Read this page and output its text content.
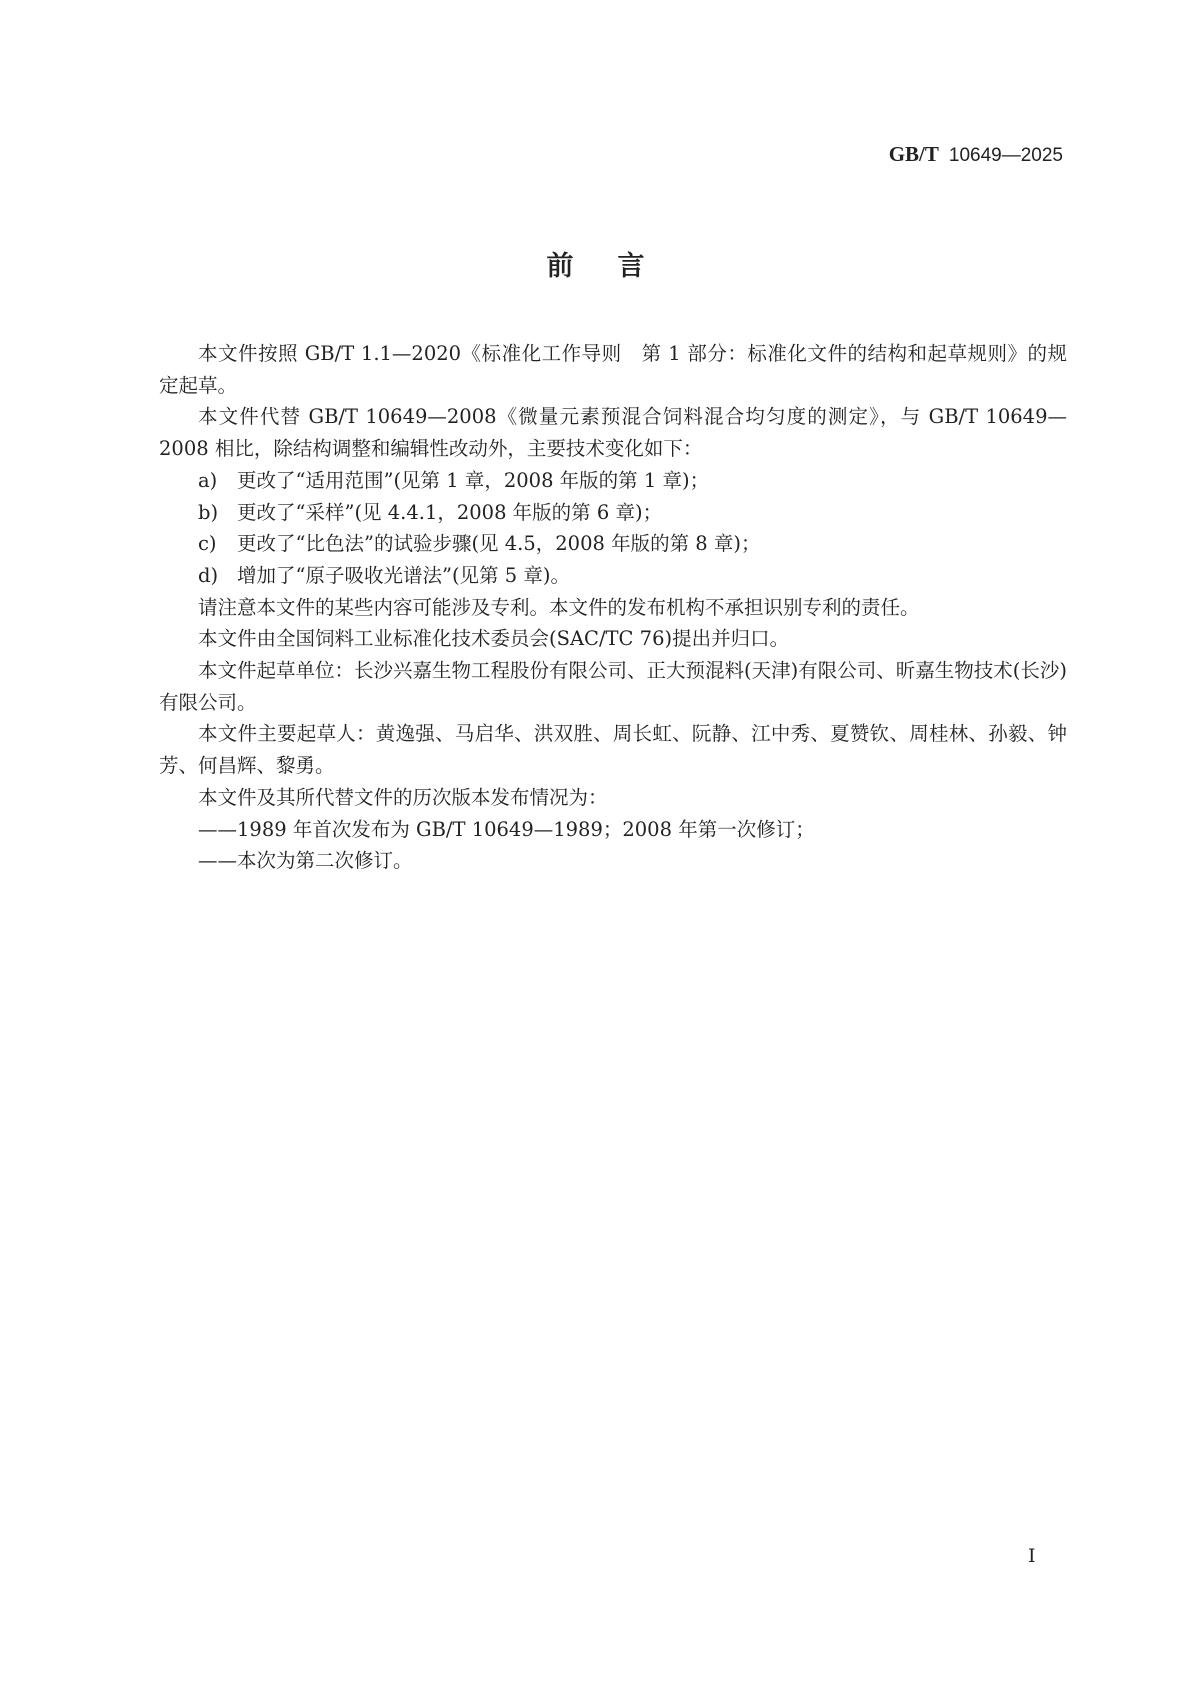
GB/T 10649—2025
前言

本文件按照 GB/T 1.1—2020《标准化工作导则　第 1 部分：标准化文件的结构和起草规则》的规定起草。

本文件代替 GB/T 10649—2008《微量元素预混合饲料混合均匀度的测定》，与 GB/T 10649—2008 相比，除结构调整和编辑性改动外，主要技术变化如下：

a) 更改了“适用范围”(见第 1 章，2008 年版的第 1 章)；

b) 更改了“采样”(见 4.4.1，2008 年版的第 6 章)；

c) 更改了“比色法”的试验步骤(见 4.5，2008 年版的第 8 章)；

d) 增加了“原子吸收光谱法”(见第 5 章)。

请注意本文件的某些内容可能涉及专利。本文件的发布机构不承担识别专利的责任。

本文件由全国饲料工业标准化技术委员会(SAC/TC 76)提出并归口。

本文件起草单位：长沙兴嘉生物工程股份有限公司、正大预混料(天津)有限公司、昕嘉生物技术(长沙)有限公司。

本文件主要起草人：黄逸强、马启华、洪双胜、周长虹、阮静、江中秀、夏赞钦、周桂林、孙毅、钟芳、何昌辉、黎勇。

本文件及其所代替文件的历次版本发布情况为：

——1989 年首次发布为 GB/T 10649—1989；2008 年第一次修订；

——本次为第二次修订。

I
